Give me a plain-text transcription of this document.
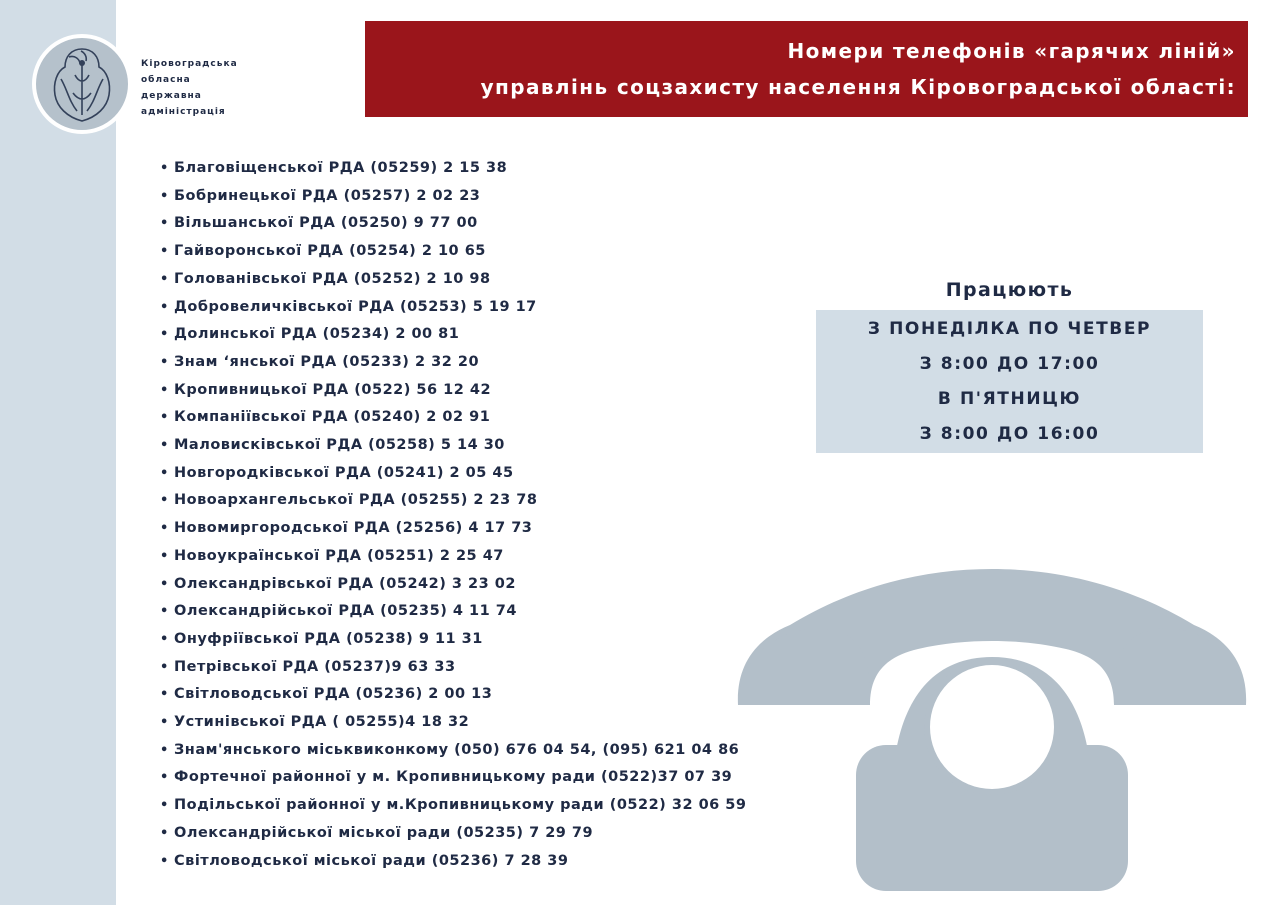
Кіровоградська
обласна
державна
адміністрація
Номери телефонів «гарячих ліній»
управлінь соцзахисту населення Кіровоградської області:
• Благовіщенської РДА (05259) 2 15 38
• Бобринецької РДА (05257) 2 02 23
• Вільшанської РДА (05250) 9 77 00
• Гайворонської РДА (05254) 2 10 65
• Голованівської РДА (05252) 2 10 98
• Добровеличківської РДА (05253) 5 19 17
• Долинської РДА (05234) 2 00 81
• Знам ‘янської РДА (05233) 2 32 20
• Кропивницької РДА (0522) 56 12 42
• Компаніївської РДА (05240) 2 02 91
• Маловисківської РДА (05258) 5 14 30
• Новгородківської РДА (05241) 2 05 45
• Новоархангельської РДА (05255) 2 23 78
• Новомиргородської РДА (25256) 4 17 73
• Новоукраїнської РДА (05251) 2 25 47
• Олександрівської РДА (05242) 3 23 02
• Олександрійської РДА (05235) 4 11 74
• Онуфріївської РДА (05238) 9 11 31
• Петрівської РДА (05237)9 63 33
• Світловодської РДА (05236) 2 00 13
• Устинівської РДА ( 05255)4 18 32
• Знам'янського міськвиконкому (050) 676 04 54, (095) 621 04 86
• Фортечної районної у м. Кропивницькому ради (0522)37 07 39
• Подільської районної у м.Кропивницькому ради (0522) 32 06 59
• Олександрійської міської ради (05235) 7 29 79
• Світловодської міської ради (05236) 7 28 39
Працюють
З ПОНЕДІЛКА ПО ЧЕТВЕР
З 8:00 ДО 17:00
В П'ЯТНИЦЮ
З 8:00 ДО 16:00
